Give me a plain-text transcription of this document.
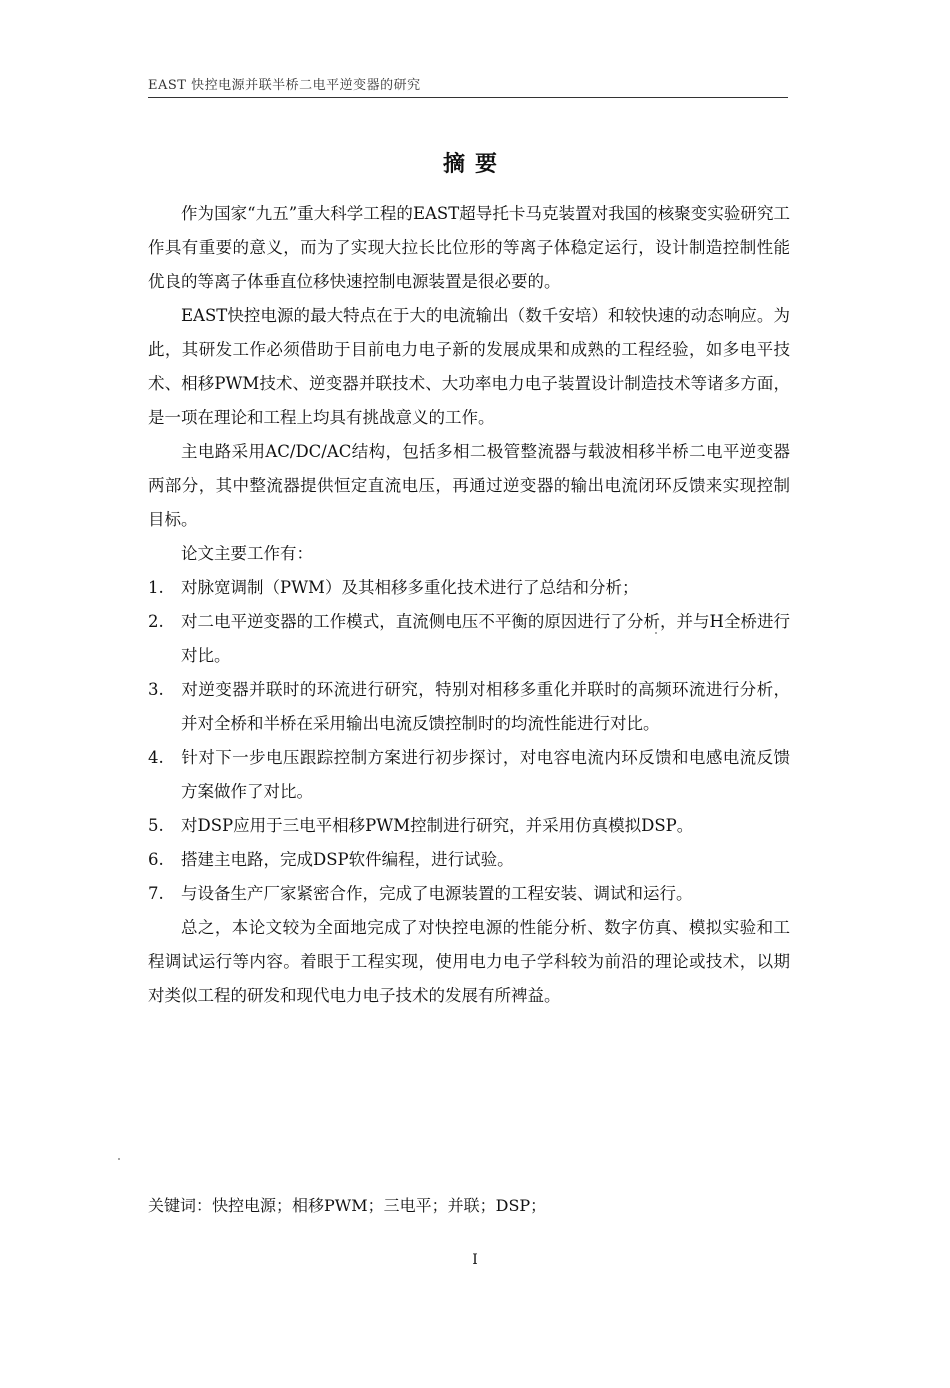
EAST 快控电源并联半桥二电平逆变器的研究
摘要

作为国家“九五”重大科学工程的EAST超导托卡马克装置对我国的核聚变实验研究工作具有重要的意义，而为了实现大拉长比位形的等离子体稳定运行，设计制造控制性能优良的等离子体垂直位移快速控制电源装置是很必要的。

EAST快控电源的最大特点在于大的电流输出（数千安培）和较快速的动态响应。为此，其研发工作必须借助于目前电力电子新的发展成果和成熟的工程经验，如多电平技术、相移PWM技术、逆变器并联技术、大功率电力电子装置设计制造技术等诸多方面，是一项在理论和工程上均具有挑战意义的工作。

主电路采用AC/DC/AC结构，包括多相二极管整流器与载波相移半桥二电平逆变器两部分，其中整流器提供恒定直流电压，再通过逆变器的输出电流闭环反馈来实现控制目标。

论文主要工作有：

1. 对脉宽调制（PWM）及其相移多重化技术进行了总结和分析；
2. 对二电平逆变器的工作模式，直流侧电压不平衡的原因进行了分析，并与H全桥进行对比。
3. 对逆变器并联时的环流进行研究，特别对相移多重化并联时的高频环流进行分析，并对全桥和半桥在采用输出电流反馈控制时的均流性能进行对比。
4. 针对下一步电压跟踪控制方案进行初步探讨，对电容电流内环反馈和电感电流反馈方案做作了对比。
5. 对DSP应用于三电平相移PWM控制进行研究，并采用仿真模拟DSP。
6. 搭建主电路，完成DSP软件编程，进行试验。
7. 与设备生产厂家紧密合作，完成了电源装置的工程安装、调试和运行。

总之，本论文较为全面地完成了对快控电源的性能分析、数字仿真、模拟实验和工程调试运行等内容。着眼于工程实现，使用电力电子学科较为前沿的理论或技术，以期对类似工程的研发和现代电力电子技术的发展有所裨益。

关键词：快控电源；相移PWM；三电平；并联；DSP；
I
